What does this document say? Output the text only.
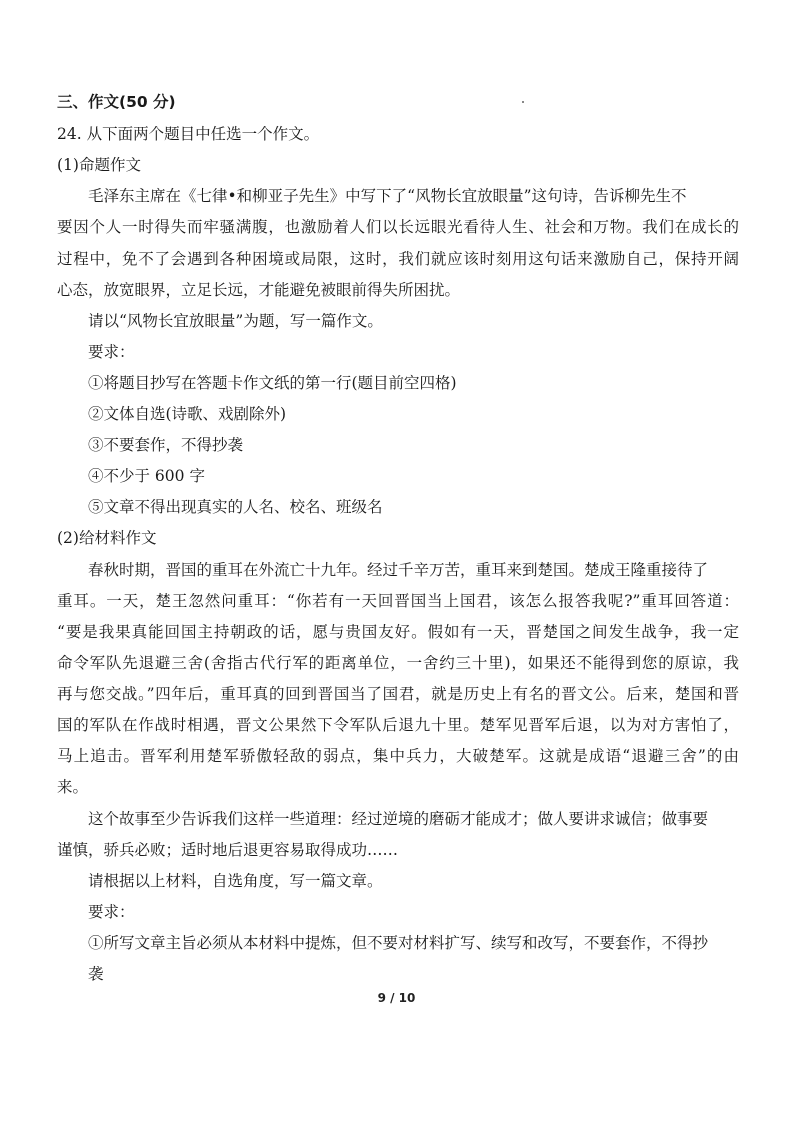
三、作文(50 分)
24. 从下面两个题目中任选一个作文。
(1)命题作文
毛泽东主席在《七律•和柳亚子先生》中写下了“风物长宜放眼量”这句诗，告诉柳先生不
要因个人一时得失而牢骚满腹，也激励着人们以长远眼光看待人生、社会和万物。我们在成长的
过程中，免不了会遇到各种困境或局限，这时，我们就应该时刻用这句话来激励自己，保持开阔
心态，放宽眼界，立足长远，才能避免被眼前得失所困扰。
请以“风物长宜放眼量”为题，写一篇作文。
要求：
①将题目抄写在答题卡作文纸的第一行(题目前空四格)
②文体自选(诗歌、戏剧除外)
③不要套作，不得抄袭
④不少于 600 字
⑤文章不得出现真实的人名、校名、班级名
(2)给材料作文
春秋时期，晋国的重耳在外流亡十九年。经过千辛万苦，重耳来到楚国。楚成王隆重接待了
重耳。一天，楚王忽然问重耳：“你若有一天回晋国当上国君，该怎么报答我呢?”重耳回答道：
“要是我果真能回国主持朝政的话，愿与贵国友好。假如有一天，晋楚国之间发生战争，我一定
命令军队先退避三舍(舍指古代行军的距离单位，一舍约三十里)，如果还不能得到您的原谅，我
再与您交战。”四年后，重耳真的回到晋国当了国君，就是历史上有名的晋文公。后来，楚国和晋
国的军队在作战时相遇，晋文公果然下令军队后退九十里。楚军见晋军后退，以为对方害怕了，
马上追击。晋军利用楚军骄傲轻敌的弱点，集中兵力，大破楚军。这就是成语“退避三舍”的由
来。
这个故事至少告诉我们这样一些道理：经过逆境的磨砺才能成才；做人要讲求诚信；做事要
谨慎，骄兵必败；适时地后退更容易取得成功……
请根据以上材料，自选角度，写一篇文章。
要求：
①所写文章主旨必须从本材料中提炼，但不要对材料扩写、续写和改写，不要套作，不得抄
袭
9 / 10
